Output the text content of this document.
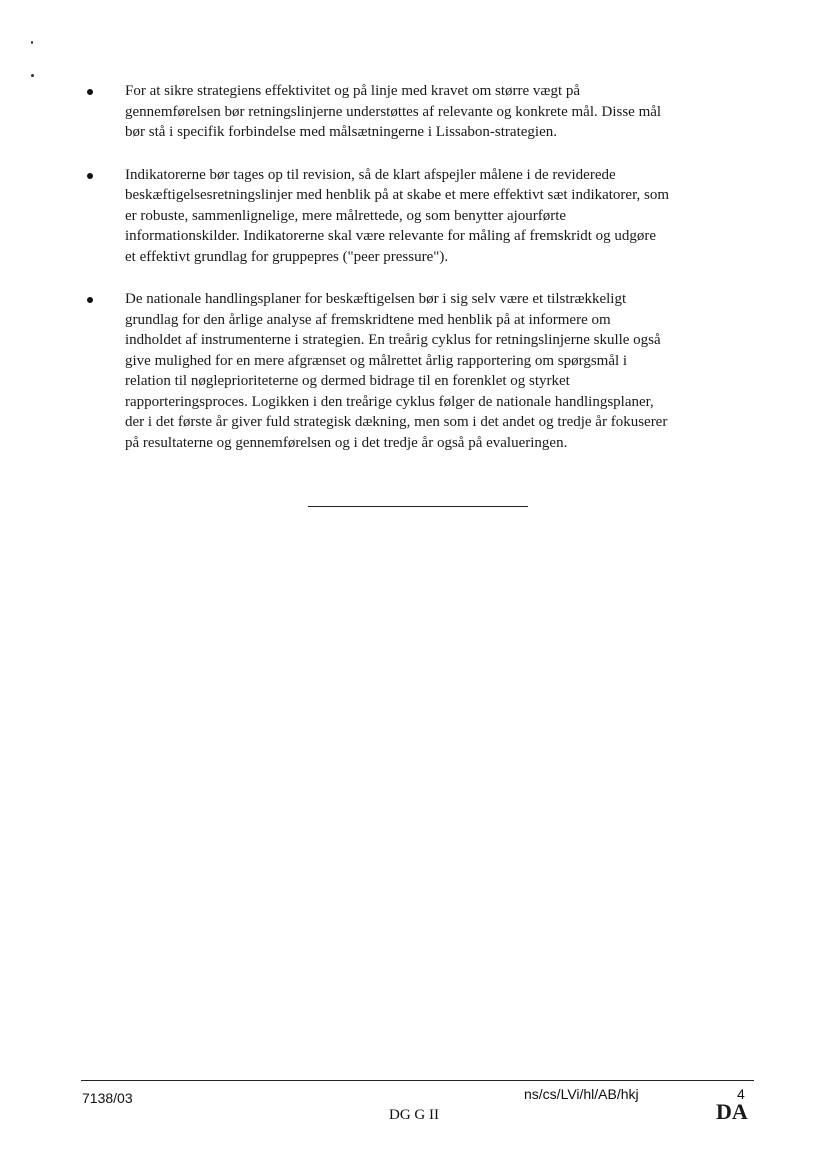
For at sikre strategiens effektivitet og på linje med kravet om større vægt på
gennemførelsen bør retningslinjerne understøttes af relevante og konkrete mål. Disse mål
bør stå i specifik forbindelse med målsætningerne i Lissabon-strategien.
Indikatorerne bør tages op til revision, så de klart afspejler målene i de reviderede
beskæftigelsesretningslinjer med henblik på at skabe et mere effektivt sæt indikatorer, som
er robuste, sammenlignelige, mere målrettede, og som benytter ajourførte
informationskilder. Indikatorerne skal være relevante for måling af fremskridt og udgøre
et effektivt grundlag for gruppepres ("peer pressure").
De nationale handlingsplaner for beskæftigelsen bør i sig selv være et tilstrækkeligt
grundlag for den årlige analyse af fremskridtene med henblik på at informere om
indholdet af instrumenterne i strategien. En treårig cyklus for retningslinjerne skulle også
give mulighed for en mere afgrænset og målrettet årlig rapportering om spørgsmål i
relation til nøgleprioriteterne og dermed bidrage til en forenklet og styrket
rapporteringsproces. Logikken i den treårige cyklus følger de nationale handlingsplaner,
der i det første år giver fuld strategisk dækning, men som i det andet og tredje år fokuserer
på resultaterne og gennemførelsen og i det tredje år også på evalueringen.
7138/03	ns/cs/LVi/hl/AB/hkj	4
DG G II	DA
